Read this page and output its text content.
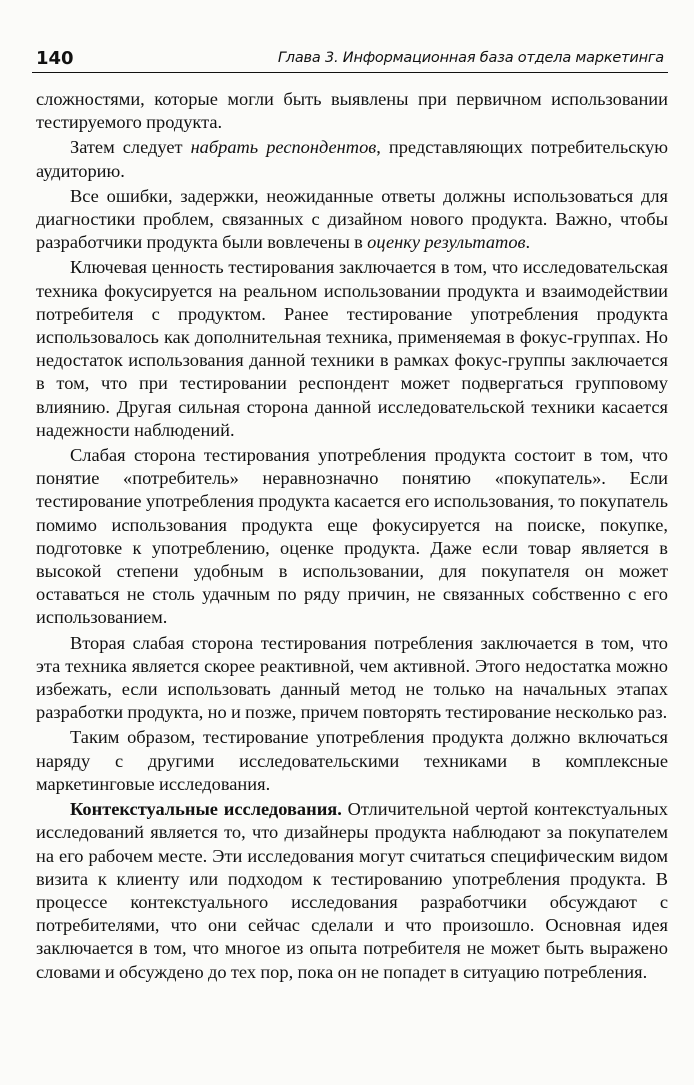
140	Глава 3. Информационная база отдела маркетинга

сложностями, которые могли быть выявлены при первичном использовании тестируемого продукта.

Затем следует набрать респондентов, представляющих потребительскую аудиторию.

Все ошибки, задержки, неожиданные ответы должны использоваться для диагностики проблем, связанных с дизайном нового продукта. Важно, чтобы разработчики продукта были вовлечены в оценку результатов.

Ключевая ценность тестирования заключается в том, что исследовательская техника фокусируется на реальном использовании продукта и взаимодействии потребителя с продуктом. Ранее тестирование употребления продукта использовалось как дополнительная техника, применяемая в фокус-группах. Но недостаток использования данной техники в рамках фокус-группы заключается в том, что при тестировании респондент может подвергаться групповому влиянию. Другая сильная сторона данной исследовательской техники касается надежности наблюдений.

Слабая сторона тестирования употребления продукта состоит в том, что понятие «потребитель» неравнозначно понятию «покупатель». Если тестирование употребления продукта касается его использования, то покупатель помимо использования продукта еще фокусируется на поиске, покупке, подготовке к употреблению, оценке продукта. Даже если товар является в высокой степени удобным в использовании, для покупателя он может оставаться не столь удачным по ряду причин, не связанных собственно с его использованием.

Вторая слабая сторона тестирования потребления заключается в том, что эта техника является скорее реактивной, чем активной. Этого недостатка можно избежать, если использовать данный метод не только на начальных этапах разработки продукта, но и позже, причем повторять тестирование несколько раз.

Таким образом, тестирование употребления продукта должно включаться наряду с другими исследовательскими техниками в комплексные маркетинговые исследования.

Контекстуальные исследования. Отличительной чертой контекстуальных исследований является то, что дизайнеры продукта наблюдают за покупателем на его рабочем месте. Эти исследования могут считаться специфическим видом визита к клиенту или подходом к тестированию употребления продукта. В процессе контекстуального исследования разработчики обсуждают с потребителями, что они сейчас сделали и что произошло. Основная идея заключается в том, что многое из опыта потребителя не может быть выражено словами и обсуждено до тех пор, пока он не попадет в ситуацию потребления.
